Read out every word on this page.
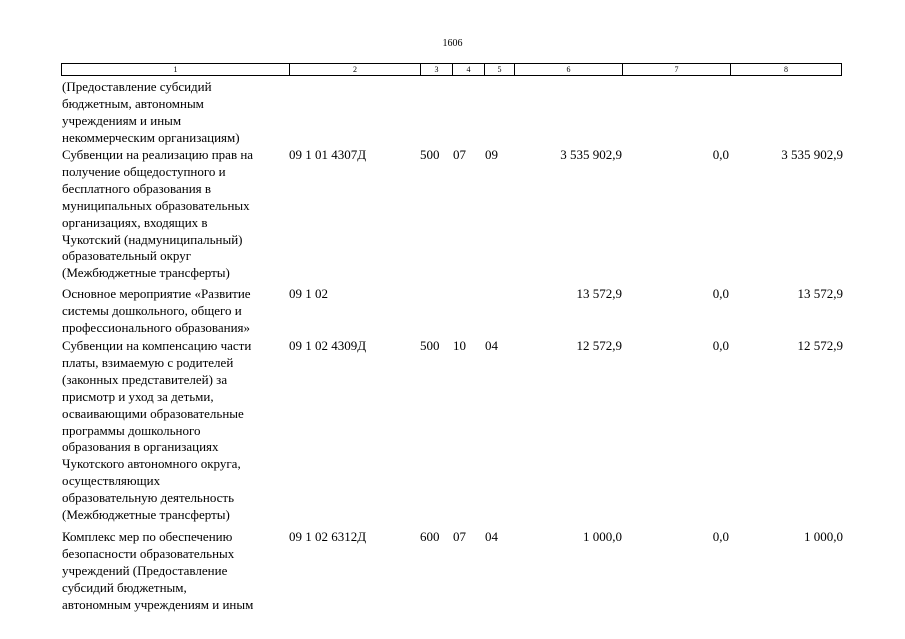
1606
1	2	3	4	5	6	7	8
(Предоставление субсидий
бюджетным, автономным
учреждениям и иным
некоммерческим организациям)
Субвенции на реализацию прав на
получение общедоступного и
бесплатного образования в
муниципальных образовательных
организациях, входящих в
Чукотский (надмуниципальный)
образовательный округ
(Межбюджетные трансферты)
09 1 01 4307Д	500 07 09	3 535 902,9	0,0	3 535 902,9
Основное мероприятие «Развитие
системы дошкольного, общего и
профессионального образования»
09 1 02	13 572,9	0,0	13 572,9
Субвенции на компенсацию части
платы, взимаемую с родителей
(законных представителей) за
присмотр и уход за детьми,
осваивающими образовательные
программы дошкольного
образования в организациях
Чукотского автономного округа,
осуществляющих
образовательную деятельность
(Межбюджетные трансферты)
09 1 02 4309Д	500 10 04	12 572,9	0,0	12 572,9
Комплекс мер по обеспечению
безопасности образовательных
учреждений (Предоставление
субсидий бюджетным,
автономным учреждениям и иным
09 1 02 6312Д	600 07 04	1 000,0	0,0	1 000,0
